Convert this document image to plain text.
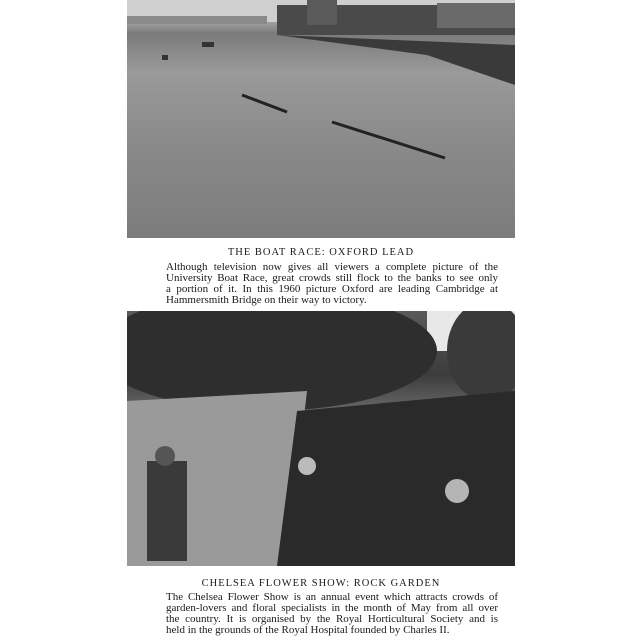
THE BOAT RACE: OXFORD LEAD
Although television now gives all viewers a complete picture of the
University Boat Race, great crowds still flock to the banks to see only
a portion of it. In this 1960 picture Oxford are leading Cambridge at
Hammersmith Bridge on their way to victory.
CHELSEA FLOWER SHOW: ROCK GARDEN
The Chelsea Flower Show is an annual event which attracts crowds of
garden-lovers and floral specialists in the month of May from all over
the country. It is organised by the Royal Horticultural Society and is
held in the grounds of the Royal Hospital founded by Charles II.
